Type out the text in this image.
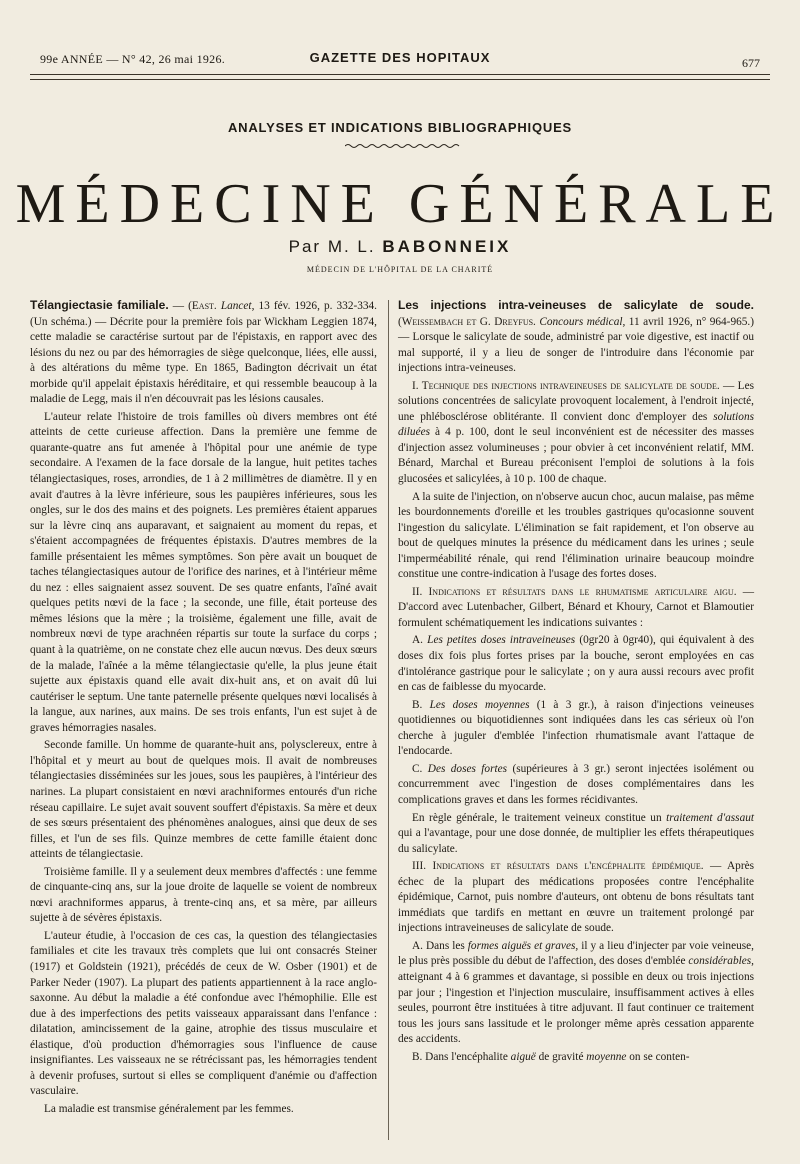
99e ANNÉE — N° 42, 26 mai 1926.	GAZETTE DES HOPITAUX	677
ANALYSES ET INDICATIONS BIBLIOGRAPHIQUES
MÉDECINE GÉNÉRALE
Par M. L. BABONNEIX
MÉDECIN DE L'HÔPITAL DE LA CHARITÉ

Télangiectasie familiale. — (East. Lancet, 13 fév. 1926, p. 332-334. (Un schéma.) — Décrite pour la première fois par Wickham Leggien 1874, cette maladie se caractérise surtout par de l'épistaxis, en rapport avec des lésions du nez ou par des hémorragies de siège quelconque, liées, elle aussi, à des altérations du même type. En 1865, Badington décrivait un état morbide qu'il appelait épistaxis héréditaire, et qui ressemble beaucoup à la maladie de Legg, mais il n'en découvrait pas les lésions causales.

L'auteur relate l'histoire de trois familles où divers membres ont été atteints de cette curieuse affection. Dans la première une femme de quarante-quatre ans fut amenée à l'hôpital pour une anémie de type secondaire. A l'examen de la face dorsale de la langue, huit petites taches télangiectasiques, roses, arrondies, de 1 à 2 millimètres de diamètre. Il y en avait d'autres à la lèvre inférieure, sous les paupières inférieures, sous les ongles, sur le dos des mains et des poignets. Les premières étaient apparues sur la lèvre cinq ans auparavant, et saignaient au moment du repas, et s'étaient accompagnées de fréquentes épistaxis. D'autres membres de la famille présentaient les mêmes symptômes. Son père avait un bouquet de taches télangiectasiques autour de l'orifice des narines, et à l'intérieur même du nez : elles saignaient assez souvent. De ses quatre enfants, l'aîné avait quelques petits nœvi de la face ; la seconde, une fille, était porteuse des mêmes lésions que la mère ; la troisième, également une fille, avait de nombreux nœvi de type arachnéen répartis sur toute la surface du corps ; quant à la quatrième, on ne constate chez elle aucun nœvus. Des deux sœurs de la malade, l'aînée a la même télangiectasie qu'elle, la plus jeune était sujette aux épistaxis quand elle avait dix-huit ans, et on avait dû lui cautériser le septum. Une tante paternelle présente quelques nœvi localisés à la langue, aux narines, aux mains. De ses trois enfants, l'un est sujet à de graves hémorragies nasales.

Seconde famille. Un homme de quarante-huit ans, polysclereux, entre à l'hôpital et y meurt au bout de quelques mois. Il avait de nombreuses télangiectasies disséminées sur les joues, sous les paupières, à l'intérieur des narines. La plupart consistaient en nœvi arachniformes entourés d'un riche réseau capillaire. Le sujet avait souvent souffert d'épistaxis. Sa mère et deux de ses sœurs présentaient des phénomènes analogues, ainsi que deux de ses filles, et l'un de ses fils. Quinze membres de cette famille étaient donc atteints de télangiectasie.

Troisième famille. Il y a seulement deux membres d'affectés : une femme de cinquante-cinq ans, sur la joue droite de laquelle se voient de nombreux nœvi arachniformes apparus, à trente-cinq ans, et sa mère, par ailleurs sujette à de sévères épistaxis.

L'auteur étudie, à l'occasion de ces cas, la question des télangiectasies familiales et cite les travaux très complets que lui ont consacrés Steiner (1917) et Goldstein (1921), précédés de ceux de W. Osber (1901) et de Parker Neder (1907). La plupart des patients appartiennent à la race anglo-saxonne. Au début la maladie a été confondue avec l'hémophilie. Elle est due à des imperfections des petits vaisseaux apparaissant dans l'enfance : dilatation, amincissement de la gaine, atrophie des tissus musculaire et élastique, d'où production d'hémorragies sous l'influence de cause insignifiantes. Les vaisseaux ne se rétrécissant pas, les hémorragies tendent à devenir profuses, surtout si elles se compliquent d'anémie ou d'affection vasculaire.

La maladie est transmise généralement par les femmes.

Les injections intra-veineuses de salicylate de soude. (Weissembach et G. Dreyfus. Concours médical, 11 avril 1926, n° 964-965.) — Lorsque le salicylate de soude, administré par voie digestive, est inactif ou mal supporté, il y a lieu de songer de l'introduire dans l'économie par injections intra-veineuses.

I. Technique des injections intraveineuses de salicylate de soude. — Les solutions concentrées de salicylate provoquent localement, à l'endroit injecté, une phlébosclérose oblitérante. Il convient donc d'employer des solutions diluées à 4 p. 100, dont le seul inconvénient est de nécessiter des masses d'injection assez volumineuses ; pour obvier à cet inconvénient relatif, MM. Bénard, Marchal et Bureau préconisent l'emploi de solutions à la fois glucosées et salicylées, à 10 p. 100 de chaque.

A la suite de l'injection, on n'observe aucun choc, aucun malaise, pas même les bourdonnements d'oreille et les troubles gastriques qu'ocasionne souvent l'ingestion du salicylate. L'élimination se fait rapidement, et l'on observe au bout de quelques minutes la présence du médicament dans les urines ; seule l'imperméabilité rénale, qui rend l'élimination urinaire beaucoup moindre constitue une contre-indication à l'usage des fortes doses.

II. Indications et résultats dans le rhumatisme articulaire aigu. — D'accord avec Lutenbacher, Gilbert, Bénard et Khoury, Carnot et Blamoutier formulent schématiquement les indications suivantes :

A. Les petites doses intraveineuses (0gr20 à 0gr40), qui équivalent à des doses dix fois plus fortes prises par la bouche, seront employées en cas d'intolérance gastrique pour le salicylate ; on y aura aussi recours avec profit en cas de faiblesse du myocarde.

B. Les doses moyennes (1 à 3 gr.), à raison d'injections veineuses quotidiennes ou biquotidiennes sont indiquées dans les cas sérieux où l'on cherche à juguler d'emblée l'infection rhumatismale avant l'attaque de l'endocarde.

C. Des doses fortes (supérieures à 3 gr.) seront injectées isolément ou concurremment avec l'ingestion de doses complémentaires dans les complications graves et dans les formes récidivantes.

En règle générale, le traitement veineux constitue un traitement d'assaut qui a l'avantage, pour une dose donnée, de multiplier les effets thérapeutiques du salicylate.

III. Indications et résultats dans l'encéphalite épidémique. — Après échec de la plupart des médications proposées contre l'encéphalite épidémique, Carnot, puis nombre d'auteurs, ont obtenu de bons résultats tant immédiats que tardifs en mettant en œuvre un traitement prolongé par injections intraveineuses de salicylate de soude.

A. Dans les formes aiguës et graves, il y a lieu d'injecter par voie veineuse, le plus près possible du début de l'affection, des doses d'emblée considérables, atteignant 4 à 6 grammes et davantage, si possible en deux ou trois injections par jour ; l'ingestion et l'injection musculaire, insuffisamment actives à elles seules, pourront être instituées à titre adjuvant. Il faut continuer ce traitement tous les jours sans lassitude et le prolonger même après cessation apparente des accidents.

B. Dans l'encéphalite aiguë de gravité moyenne on se conten-
